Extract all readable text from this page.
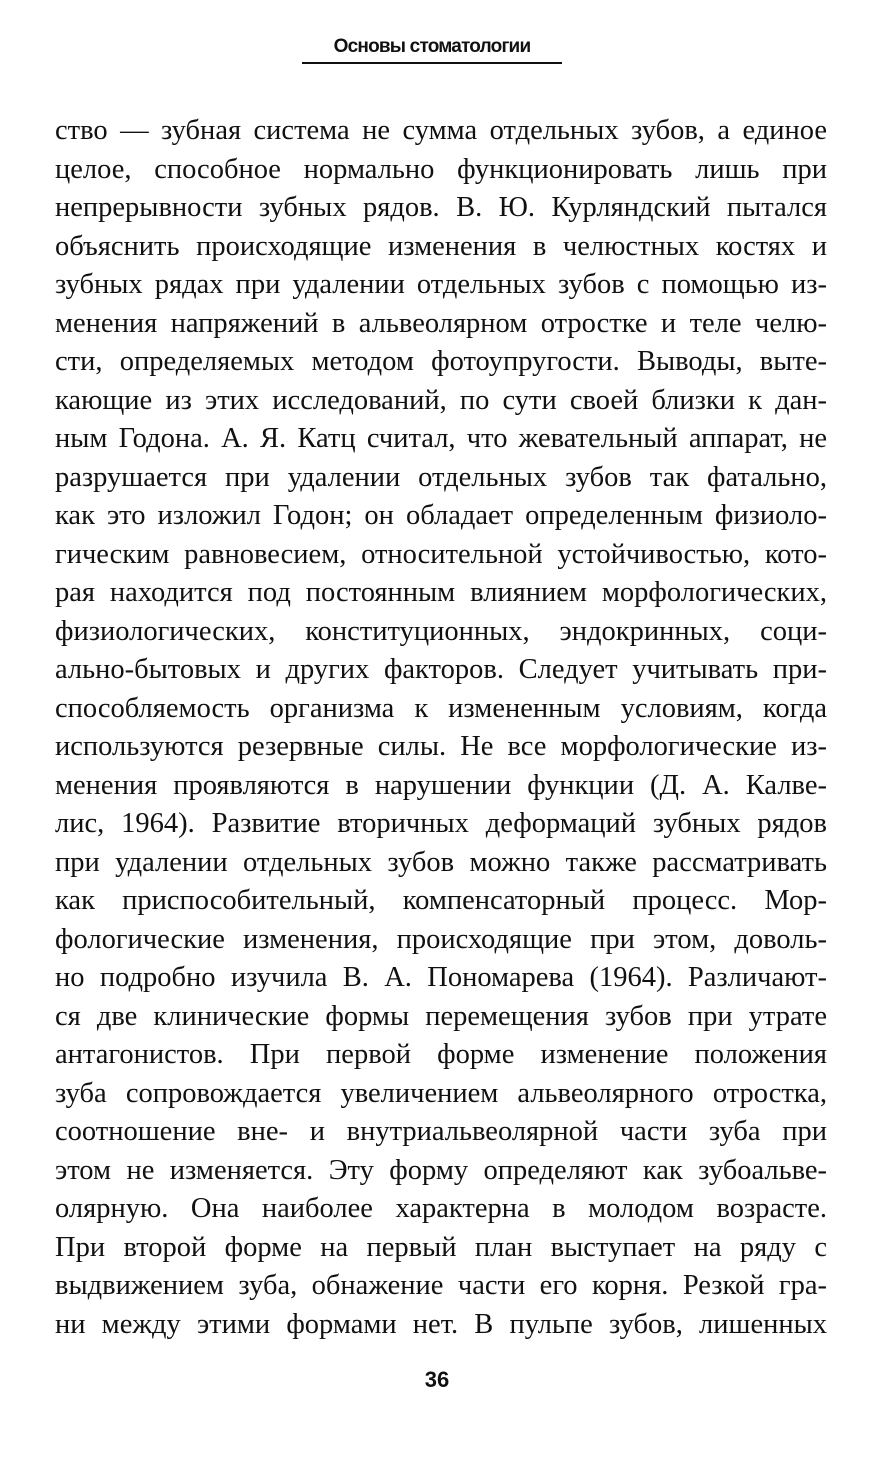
Основы стоматологии
ство — зубная система не сумма отдельных зубов, а единое
целое, способное нормально функционировать лишь при
непрерывности зубных рядов. В. Ю. Курляндский пытался
объяснить происходящие изменения в челюстных костях и
зубных рядах при удалении отдельных зубов с помощью из-
менения напряжений в альвеолярном отростке и теле челю-
сти, определяемых методом фотоупругости. Выводы, выте-
кающие из этих исследований, по сути своей близки к дан-
ным Годона. А. Я. Катц считал, что жевательный аппарат, не
разрушается при удалении отдельных зубов так фатально,
как это изложил Годон; он обладает определенным физиоло-
гическим равновесием, относительной устойчивостью, кото-
рая находится под постоянным влиянием морфологических,
физиологических, конституционных, эндокринных, соци-
ально-бытовых и других факторов. Следует учитывать при-
способляемость организма к измененным условиям, когда
используются резервные силы. Не все морфологические из-
менения проявляются в нарушении функции (Д. А. Калве-
лис, 1964). Развитие вторичных деформаций зубных рядов
при удалении отдельных зубов можно также рассматривать
как приспособительный, компенсаторный процесс. Мор-
фологические изменения, происходящие при этом, доволь-
но подробно изучила В. А. Пономарева (1964). Различают-
ся две клинические формы перемещения зубов при утрате
антагонистов. При первой форме изменение положения
зуба сопровождается увеличением альвеолярного отростка,
соотношение вне- и внутриальвеолярной части зуба при
этом не изменяется. Эту форму определяют как зубоальве-
олярную. Она наиболее характерна в молодом возрасте.
При второй форме на первый план выступает на ряду с
выдвижением зуба, обнажение части его корня. Резкой гра-
ни между этими формами нет. В пульпе зубов, лишенных
36
